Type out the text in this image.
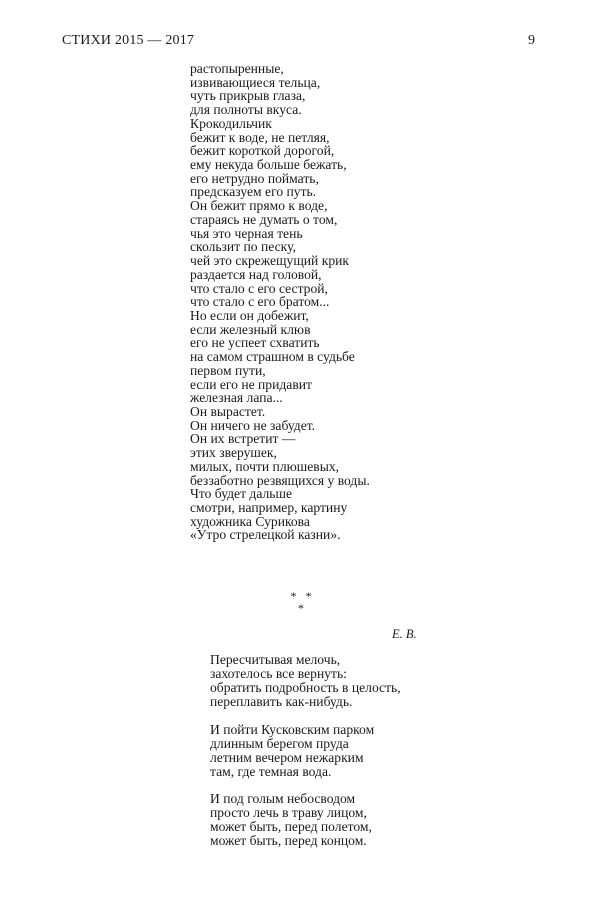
СТИХИ 2015 — 2017	9
растопыренные,
извивающиеся тельца,
чуть прикрыв глаза,
для полноты вкуса.
Крокодильчик
бежит к воде, не петляя,
бежит короткой дорогой,
ему некуда больше бежать,
его нетрудно поймать,
предсказуем его путь.
Он бежит прямо к воде,
стараясь не думать о том,
чья это черная тень
скользит по песку,
чей это скрежещущий крик
раздается над головой,
что стало с его сестрой,
что стало с его братом...
Но если он добежит,
если железный клюв
его не успеет схватить
на самом страшном в судьбе
первом пути,
если его не придавит
железная лапа...
Он вырастет.
Он ничего не забудет.
Он их встретит —
этих зверушек,
милых, почти плюшевых,
беззаботно резвящихся у воды.
Что будет дальше
смотри, например, картину
художника Сурикова
«Утро стрелецкой казни».
*   *
*
Е. В.
Пересчитывая мелочь,
захотелось все вернуть:
обратить подробность в целость,
переплавить как-нибудь.
И пойти Кусковским парком
длинным берегом пруда
летним вечером нежарким
там, где темная вода.
И под голым небосводом
просто лечь в траву лицом,
может быть, перед полетом,
может быть, перед концом.
